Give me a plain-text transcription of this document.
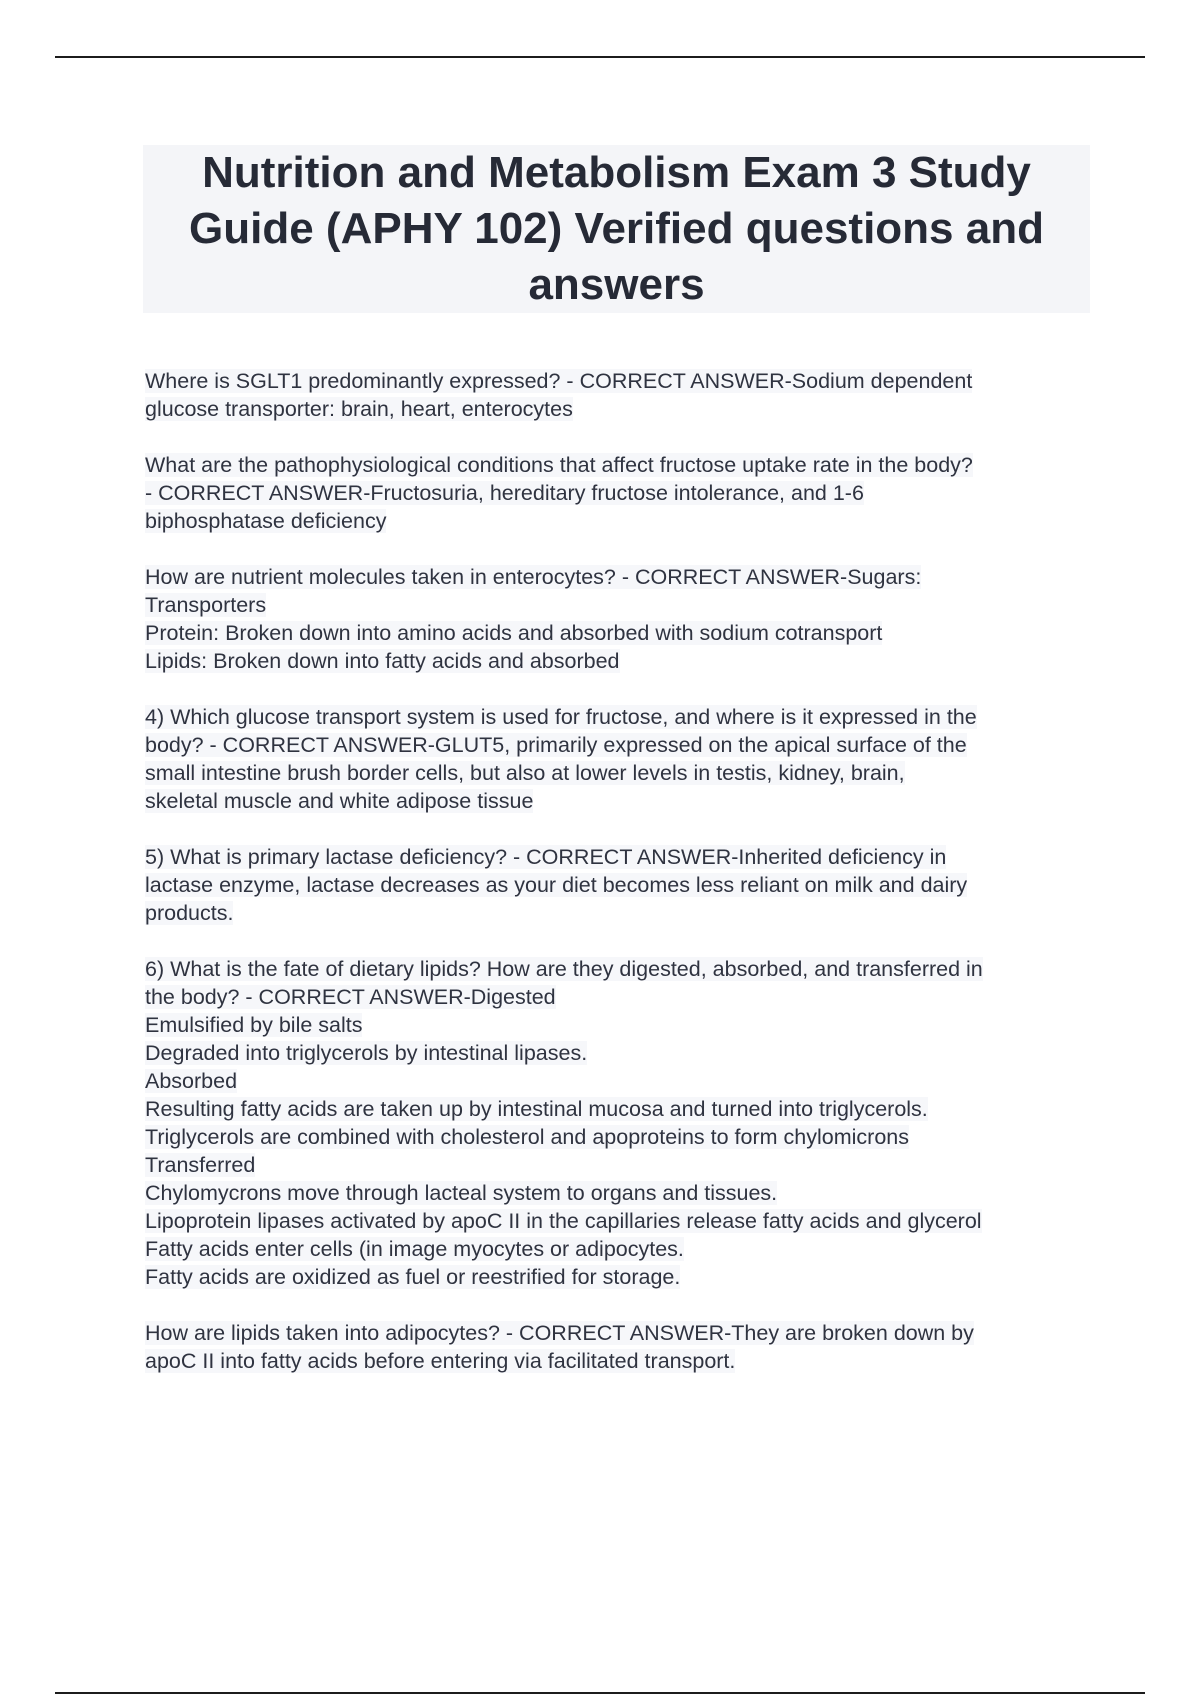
Nutrition and Metabolism Exam 3 Study Guide (APHY 102) Verified questions and answers
Where is SGLT1 predominantly expressed? - CORRECT ANSWER-Sodium dependent
glucose transporter: brain, heart, enterocytes
What are the pathophysiological conditions that affect fructose uptake rate in the body?
- CORRECT ANSWER-Fructosuria, hereditary fructose intolerance, and 1-6
biphosphatase deficiency
How are nutrient molecules taken in enterocytes? - CORRECT ANSWER-Sugars:
Transporters
Protein: Broken down into amino acids and absorbed with sodium cotransport
Lipids: Broken down into fatty acids and absorbed
4) Which glucose transport system is used for fructose, and where is it expressed in the
body? - CORRECT ANSWER-GLUT5, primarily expressed on the apical surface of the
small intestine brush border cells, but also at lower levels in testis, kidney, brain,
skeletal muscle and white adipose tissue
5) What is primary lactase deficiency? - CORRECT ANSWER-Inherited deficiency in
lactase enzyme, lactase decreases as your diet becomes less reliant on milk and dairy
products.
6) What is the fate of dietary lipids? How are they digested, absorbed, and transferred in
the body? - CORRECT ANSWER-Digested
Emulsified by bile salts
Degraded into triglycerols by intestinal lipases.
Absorbed
Resulting fatty acids are taken up by intestinal mucosa and turned into triglycerols.
Triglycerols are combined with cholesterol and apoproteins to form chylomicrons
Transferred
Chylomycrons move through lacteal system to organs and tissues.
Lipoprotein lipases activated by apoC II in the capillaries release fatty acids and glycerol
Fatty acids enter cells (in image myocytes or adipocytes.
Fatty acids are oxidized as fuel or reestrified for storage.
How are lipids taken into adipocytes? - CORRECT ANSWER-They are broken down by
apoC II into fatty acids before entering via facilitated transport.
